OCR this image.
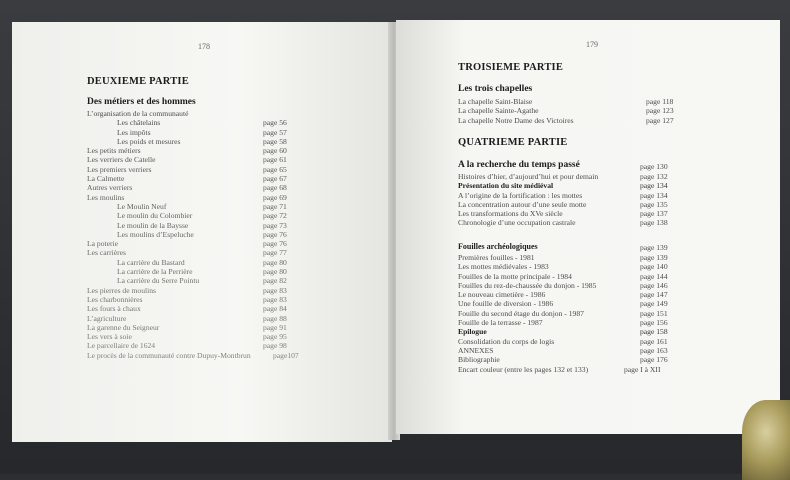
178
DEUXIEME PARTIE
Des métiers et des hommes
L’organisation de la communauté
Les châtelains	page 56
Les impôts	page 57
Les poids et mesures	page 58
Les petits métiers	page 60
Les verriers de Catelle	page 61
Les premiers verriers	page 65
La Calmette	page 67
Autres verriers	page 68
Les moulins	page 69
Le Moulin Neuf	page 71
Le moulin du Colombier	page 72
Le moulin de la Baysse	page 73
Les moulins d’Espeluche	page 76
La poterie	page 76
Les carrières	page 77
La carrière du Bastard	page 80
La carrière de la Perrière	page 80
La carrière du Serre Pointu	page 82
Les pierres de moulins	page 83
Les charbonnières	page 83
Les fours à chaux	page 84
L’agriculture	page 88
La garenne du Seigneur	page 91
Les vers à soie	page 95
Le parcellaire de 1624	page 98
Le procès de la communauté contre Dupuy-Montbrun	page107
179
TROISIEME PARTIE
Les trois chapelles
La chapelle Saint-Blaise	page 118
La chapelle Sainte-Agathe	page 123
La chapelle Notre Dame des Victoires	page 127
QUATRIEME PARTIE
A la recherche du temps passé	page 130
Histoires d’hier, d’aujourd’hui et pour demain	page 132
Présentation du site médiéval	page 134
A l’origine de la fortification : les mottes	page 134
La concentration autour d’une seule motte	page 135
Les transformations du XVe siècle	page 137
Chronologie d’une occupation castrale	page 138
Fouilles archéologiques	page 139
Premières fouilles - 1981	page 139
Les mottes médiévales - 1983	page 140
Fouilles de la motte principale - 1984	page 144
Fouilles du rez-de-chaussée du donjon - 1985	page 146
Le nouveau cimetière - 1986	page 147
Une fouille de diversion - 1986	page 149
Fouille du second étage du donjon - 1987	page 151
Fouille de la terrasse - 1987	page 156
Epilogue	page 158
Consolidation du corps de logis	page 161
ANNEXES	page 163
Bibliographie	page 176
Encart couleur (entre les pages 132 et 133)	page I à XII
